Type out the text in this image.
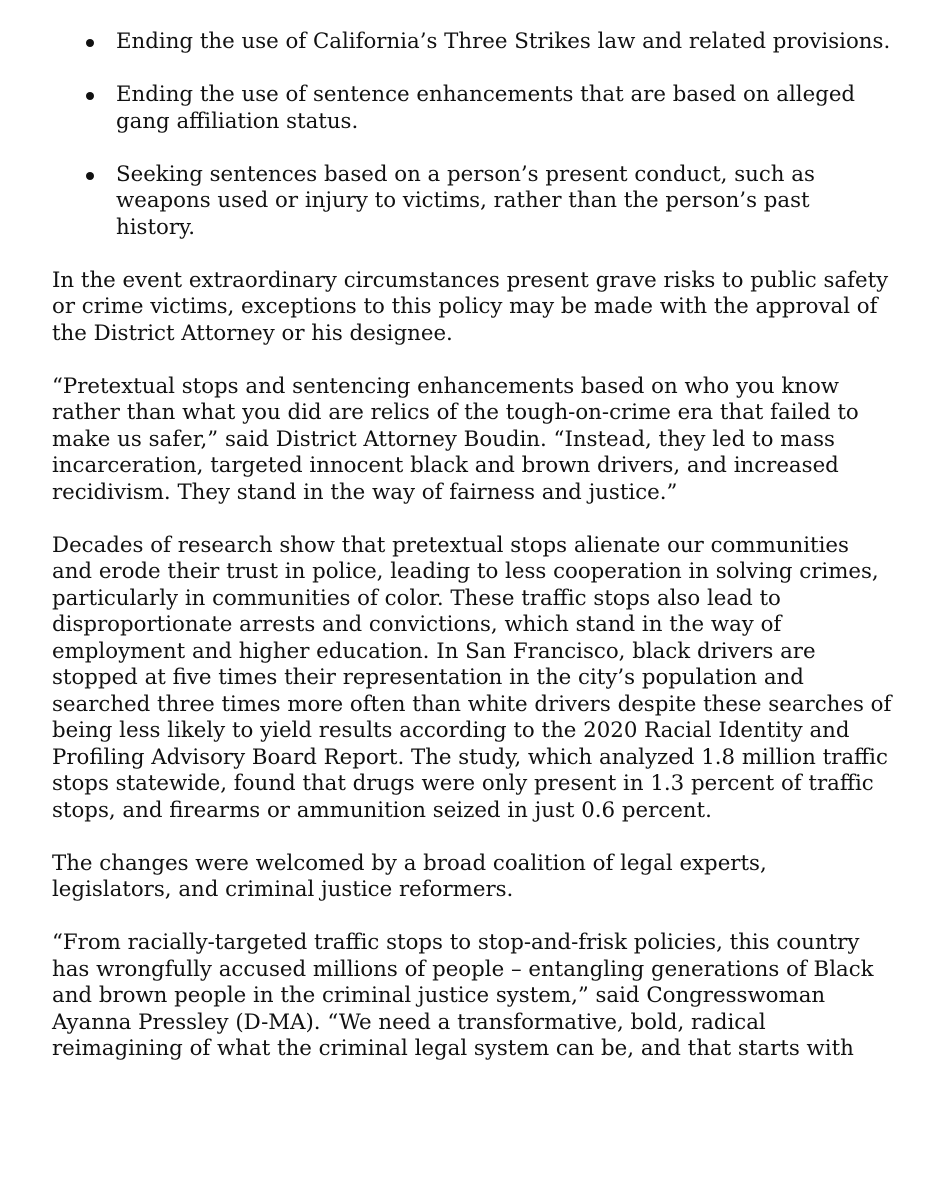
Ending the use of California’s Three Strikes law and related provisions.
Ending the use of sentence enhancements that are based on alleged gang affiliation status.
Seeking sentences based on a person’s present conduct, such as weapons used or injury to victims, rather than the person’s past history.

In the event extraordinary circumstances present grave risks to public safety or crime victims, exceptions to this policy may be made with the approval of the District Attorney or his designee.

“Pretextual stops and sentencing enhancements based on who you know rather than what you did are relics of the tough-on-crime era that failed to make us safer,” said District Attorney Boudin. “Instead, they led to mass incarceration, targeted innocent black and brown drivers, and increased recidivism. They stand in the way of fairness and justice.”

Decades of research show that pretextual stops alienate our communities and erode their trust in police, leading to less cooperation in solving crimes, particularly in communities of color. These traffic stops also lead to disproportionate arrests and convictions, which stand in the way of employment and higher education. In San Francisco, black drivers are stopped at five times their representation in the city’s population and searched three times more often than white drivers despite these searches of being less likely to yield results according to the 2020 Racial Identity and Profiling Advisory Board Report. The study, which analyzed 1.8 million traffic stops statewide, found that drugs were only present in 1.3 percent of traffic stops, and firearms or ammunition seized in just 0.6 percent.

The changes were welcomed by a broad coalition of legal experts, legislators, and criminal justice reformers.

“From racially-targeted traffic stops to stop-and-frisk policies, this country has wrongfully accused millions of people – entangling generations of Black and brown people in the criminal justice system,” said Congresswoman Ayanna Pressley (D-MA). “We need a transformative, bold, radical reimagining of what the criminal legal system can be, and that starts with
